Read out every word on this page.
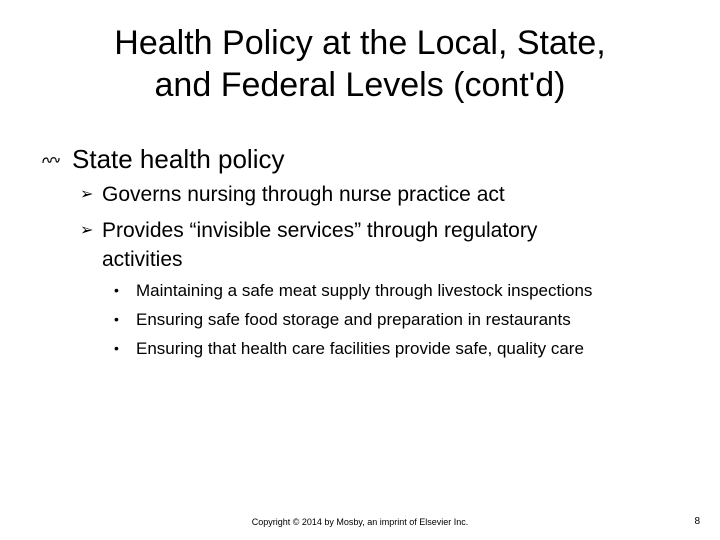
Health Policy at the Local, State,
and Federal Levels (cont'd)
State health policy
➢ Governs nursing through nurse practice act
➢ Provides “invisible services” through regulatory activities
•	Maintaining a safe meat supply through livestock inspections
•	Ensuring safe food storage and preparation in restaurants
•	Ensuring that health care facilities provide safe, quality care
Copyright © 2014 by Mosby, an imprint of Elsevier Inc.	8
